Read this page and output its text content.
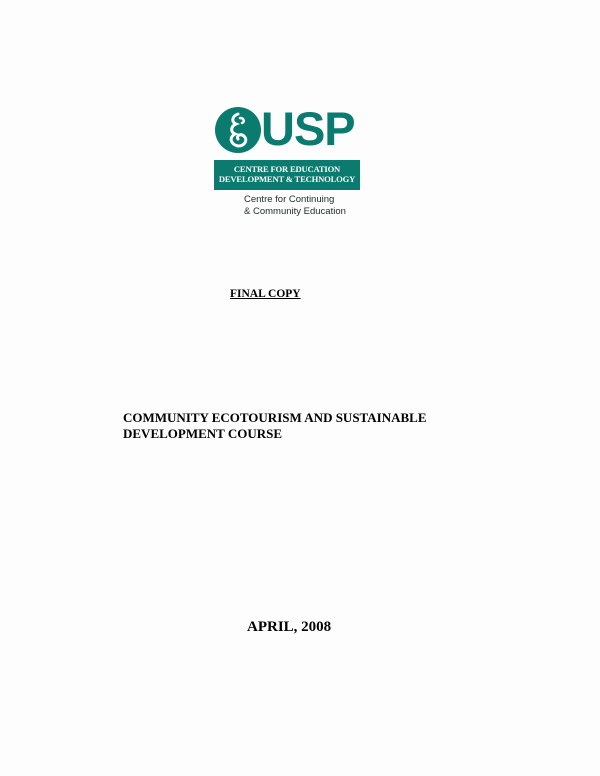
USP
CENTRE FOR EDUCATION
DEVELOPMENT & TECHNOLOGY
Centre for Continuing
& Community Education
FINAL COPY
COMMUNITY ECOTOURISM AND SUSTAINABLE
DEVELOPMENT COURSE
APRIL, 2008
